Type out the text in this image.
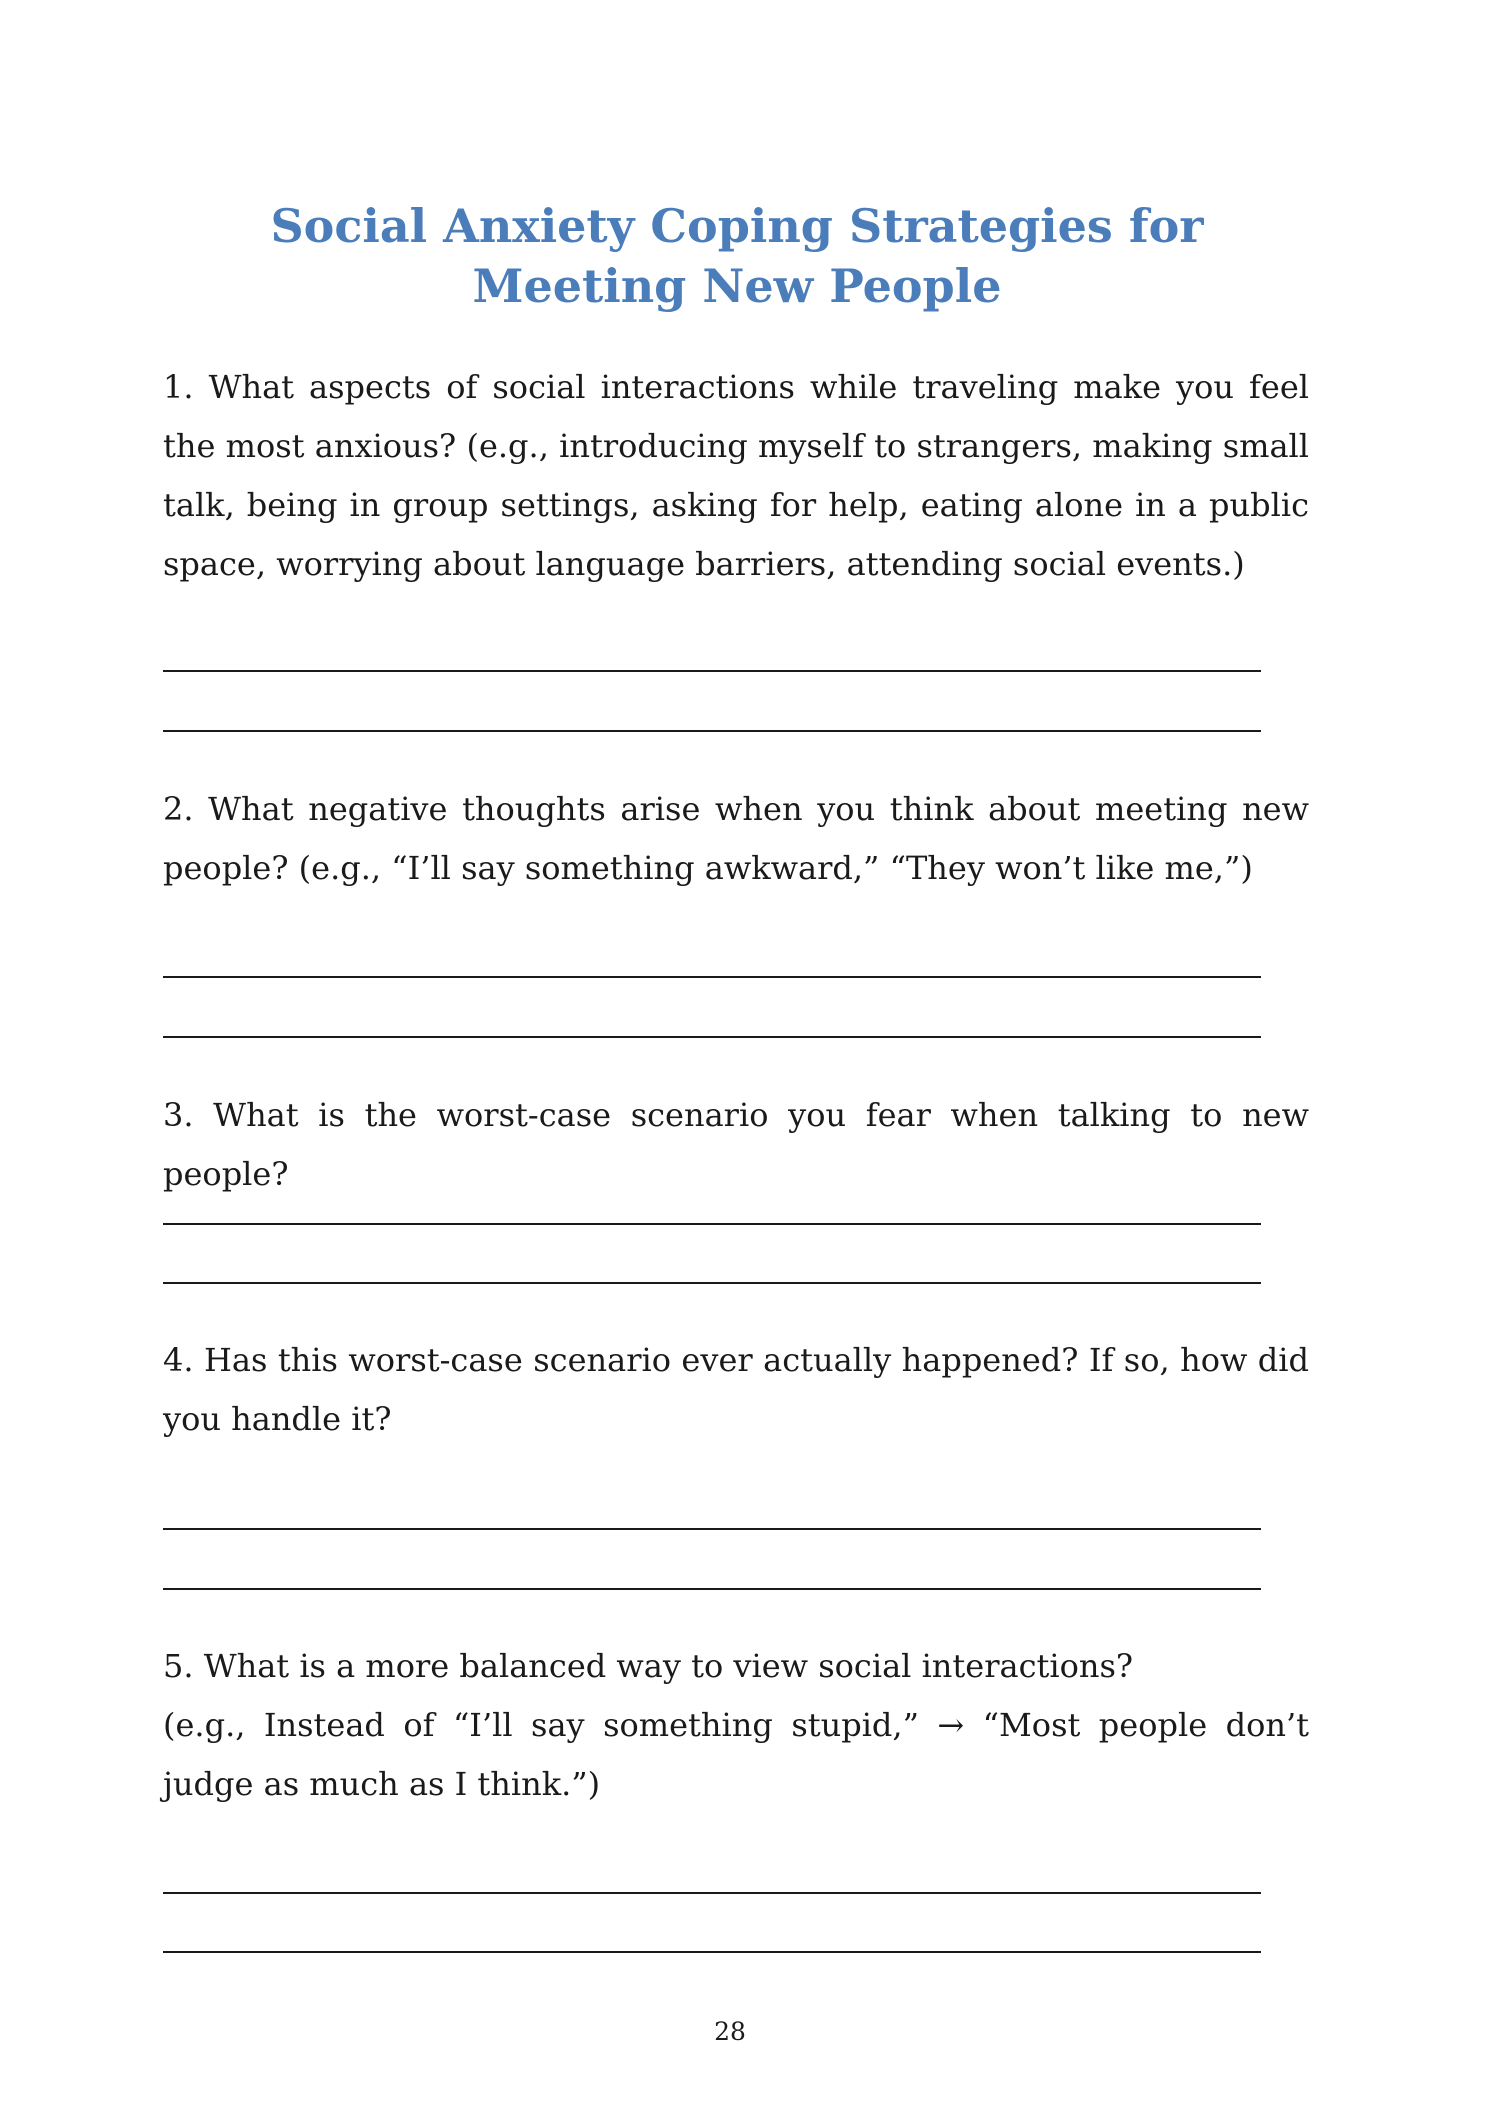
Social Anxiety Coping Strategies for Meeting New People

1. What aspects of social interactions while traveling make you feel the most anxious? (e.g., introducing myself to strangers, making small talk, being in group settings, asking for help, eating alone in a public space, worrying about language barriers, attending social events.)

2. What negative thoughts arise when you think about meeting new people? (e.g., “I’ll say something awkward,” “They won’t like me,”)

3. What is the worst-case scenario you fear when talking to new people?

4. Has this worst-case scenario ever actually happened? If so, how did you handle it?

5. What is a more balanced way to view social interactions?
(e.g., Instead of “I’ll say something stupid,” → “Most people don’t judge as much as I think.”)
28
